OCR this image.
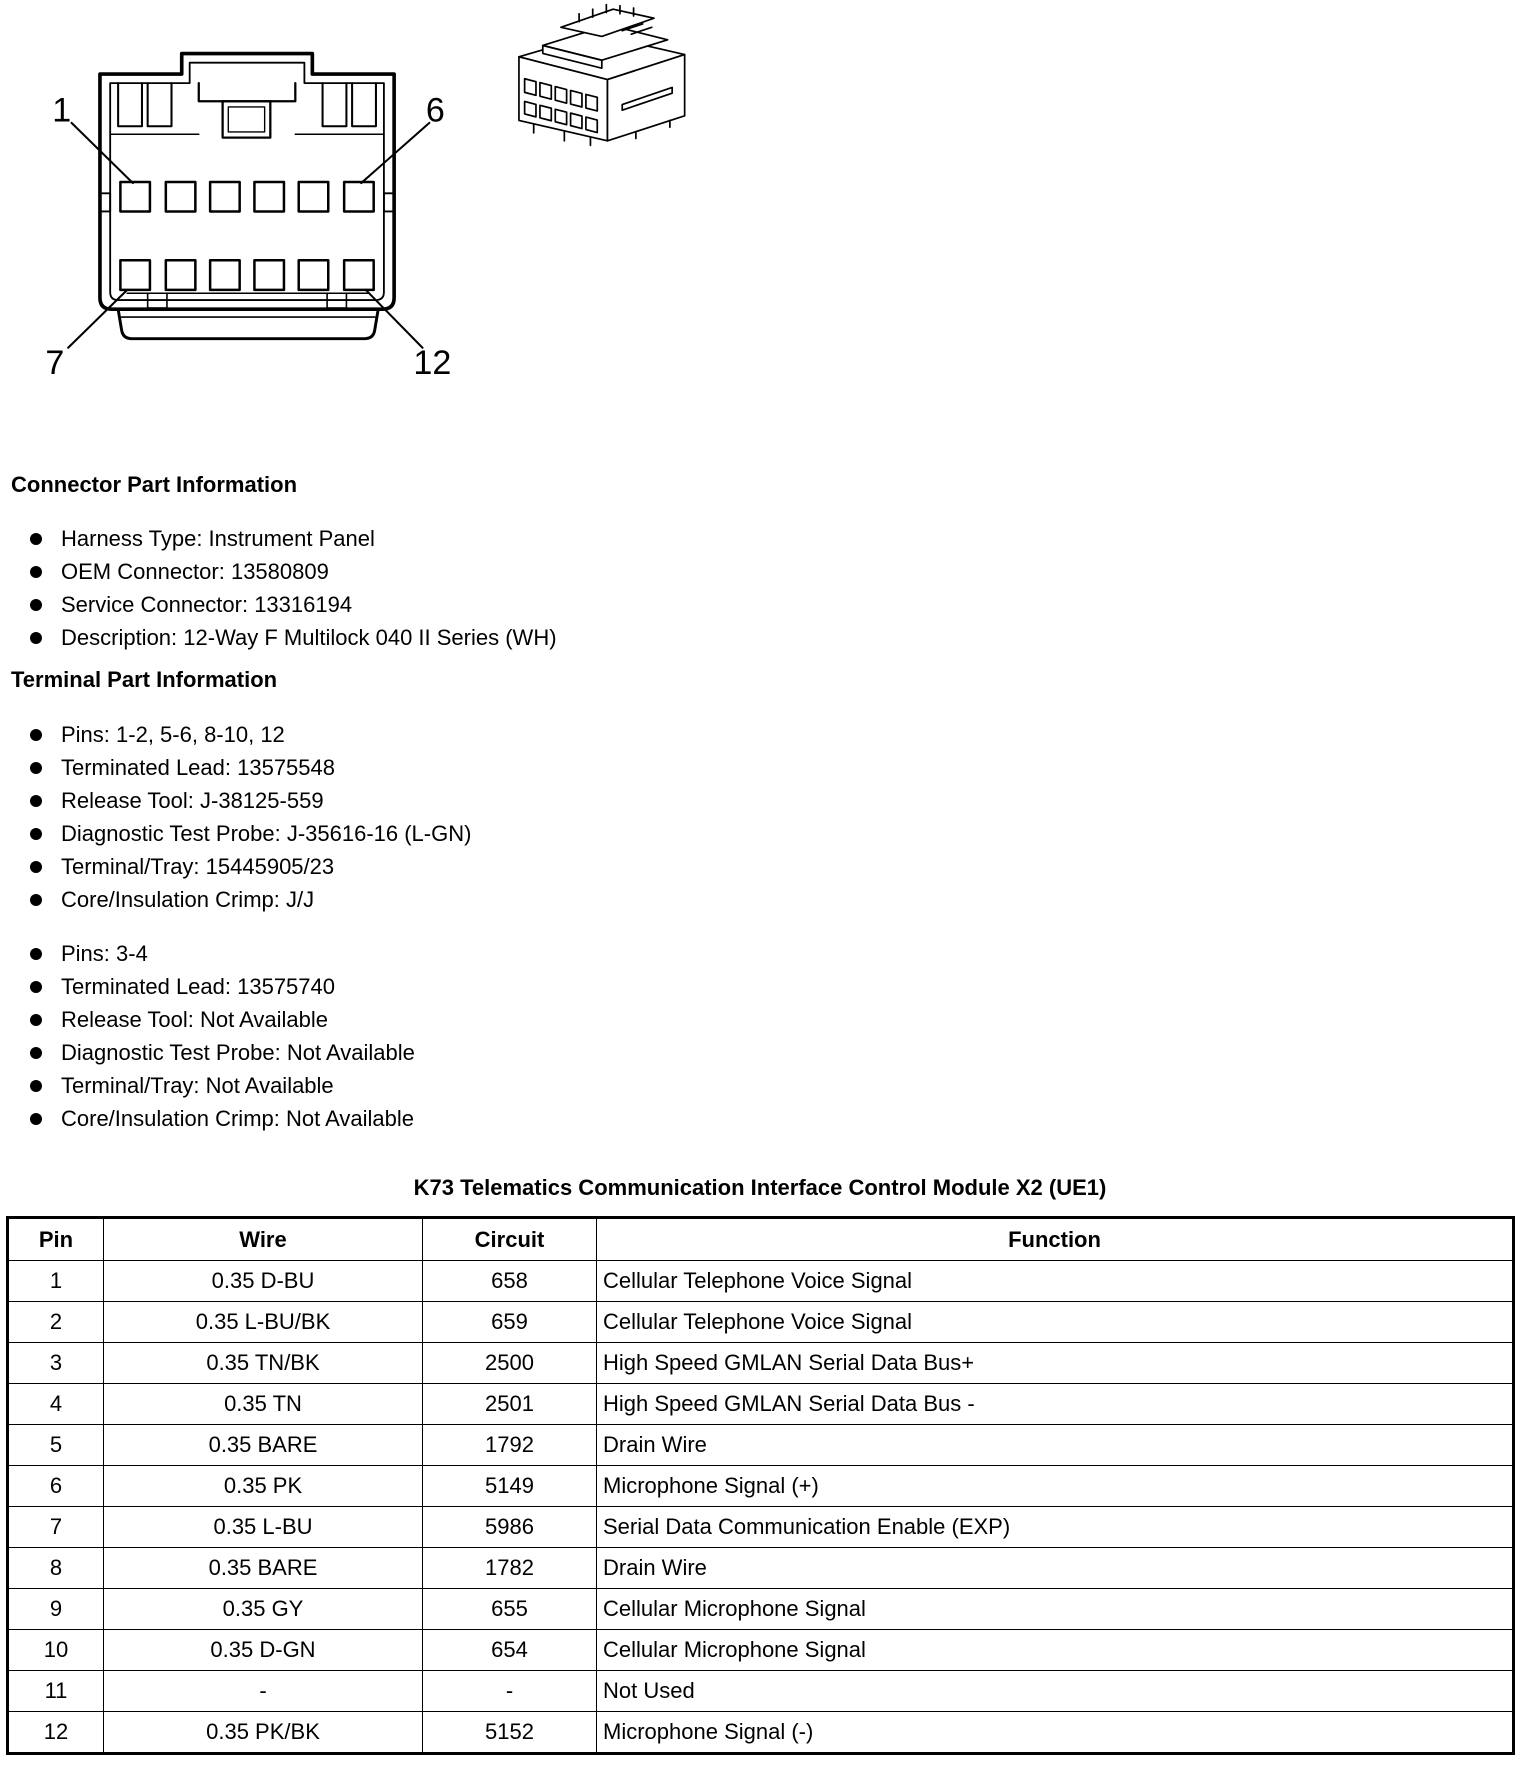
1	6
7	12
Connector Part Information
Harness Type: Instrument Panel
OEM Connector: 13580809
Service Connector: 13316194
Description: 12-Way F Multilock 040 II Series (WH)
Terminal Part Information
Pins: 1-2, 5-6, 8-10, 12
Terminated Lead: 13575548
Release Tool: J-38125-559
Diagnostic Test Probe: J-35616-16 (L-GN)
Terminal/Tray: 15445905/23
Core/Insulation Crimp: J/J
Pins: 3-4
Terminated Lead: 13575740
Release Tool: Not Available
Diagnostic Test Probe: Not Available
Terminal/Tray: Not Available
Core/Insulation Crimp: Not Available
K73 Telematics Communication Interface Control Module X2 (UE1)
Pin	Wire	Circuit	Function
1	0.35 D-BU	658	Cellular Telephone Voice Signal
2	0.35 L-BU/BK	659	Cellular Telephone Voice Signal
3	0.35 TN/BK	2500	High Speed GMLAN Serial Data Bus+
4	0.35 TN	2501	High Speed GMLAN Serial Data Bus -
5	0.35 BARE	1792	Drain Wire
6	0.35 PK	5149	Microphone Signal (+)
7	0.35 L-BU	5986	Serial Data Communication Enable (EXP)
8	0.35 BARE	1782	Drain Wire
9	0.35 GY	655	Cellular Microphone Signal
10	0.35 D-GN	654	Cellular Microphone Signal
11	-	-	Not Used
12	0.35 PK/BK	5152	Microphone Signal (-)
